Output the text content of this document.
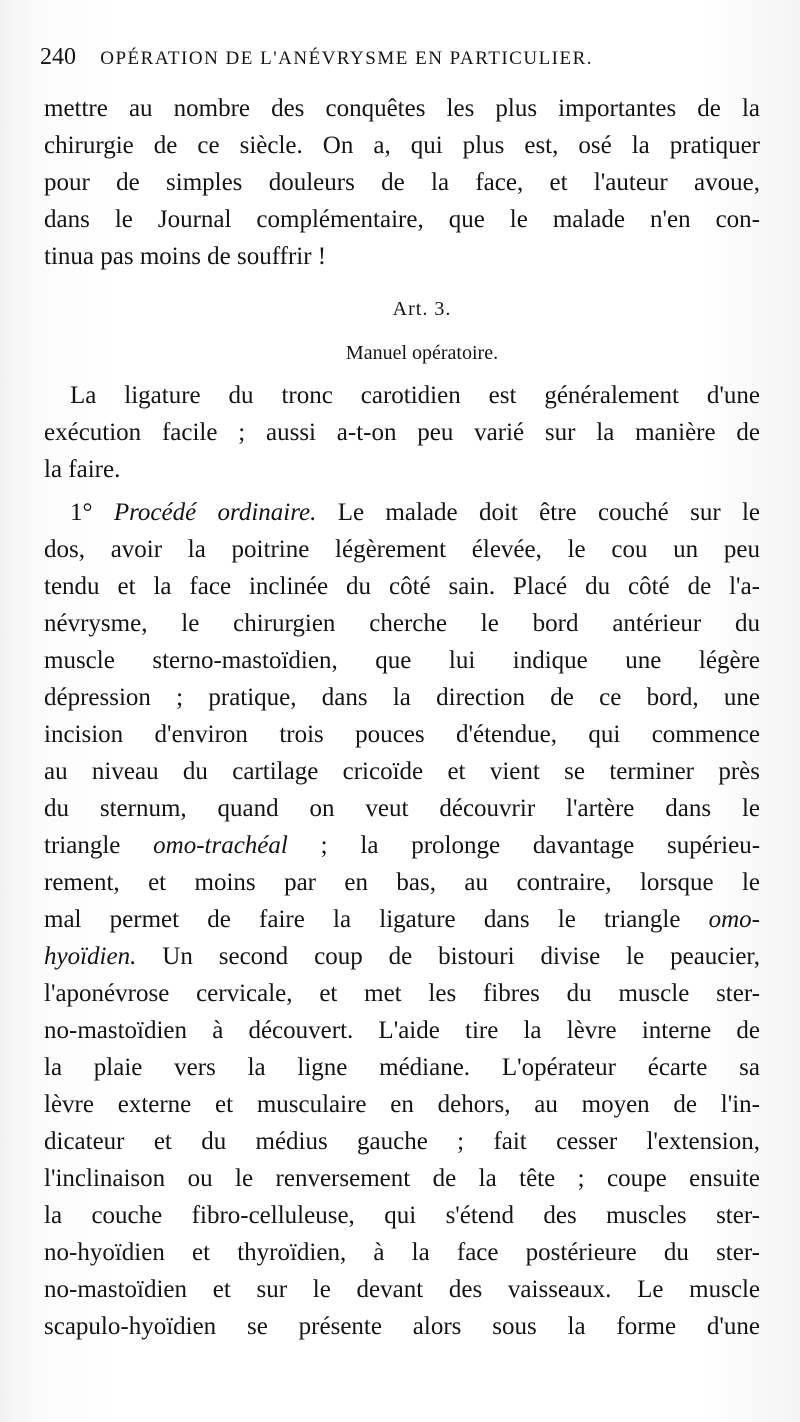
240 OPÉRATION DE L'ANÉVRYSME EN PARTICULIER.
mettre au nombre des conquêtes les plus importantes de la
chirurgie de ce siècle. On a, qui plus est, osé la pratiquer
pour de simples douleurs de la face, et l'auteur avoue,
dans le Journal complémentaire, que le malade n'en con-
tinua pas moins de souffrir !
Art. 3.
Manuel opératoire.
La ligature du tronc carotidien est généralement d'une
exécution facile ; aussi a-t-on peu varié sur la manière de
la faire.
1° Procédé ordinaire. Le malade doit être couché sur le
dos, avoir la poitrine légèrement élevée, le cou un peu
tendu et la face inclinée du côté sain. Placé du côté de l'a-
névrysme, le chirurgien cherche le bord antérieur du
muscle sterno-mastoïdien, que lui indique une légère
dépression ; pratique, dans la direction de ce bord, une
incision d'environ trois pouces d'étendue, qui commence
au niveau du cartilage cricoïde et vient se terminer près
du sternum, quand on veut découvrir l'artère dans le
triangle omo-trachéal ; la prolonge davantage supérieu-
rement, et moins par en bas, au contraire, lorsque le
mal permet de faire la ligature dans le triangle omo-
hyoïdien. Un second coup de bistouri divise le peaucier,
l'aponévrose cervicale, et met les fibres du muscle ster-
no-mastoïdien à découvert. L'aide tire la lèvre interne de
la plaie vers la ligne médiane. L'opérateur écarte sa
lèvre externe et musculaire en dehors, au moyen de l'in-
dicateur et du médius gauche ; fait cesser l'extension,
l'inclinaison ou le renversement de la tête ; coupe ensuite
la couche fibro-celluleuse, qui s'étend des muscles ster-
no-hyoïdien et thyroïdien, à la face postérieure du ster-
no-mastoïdien et sur le devant des vaisseaux. Le muscle
scapulo-hyoïdien se présente alors sous la forme d'une
